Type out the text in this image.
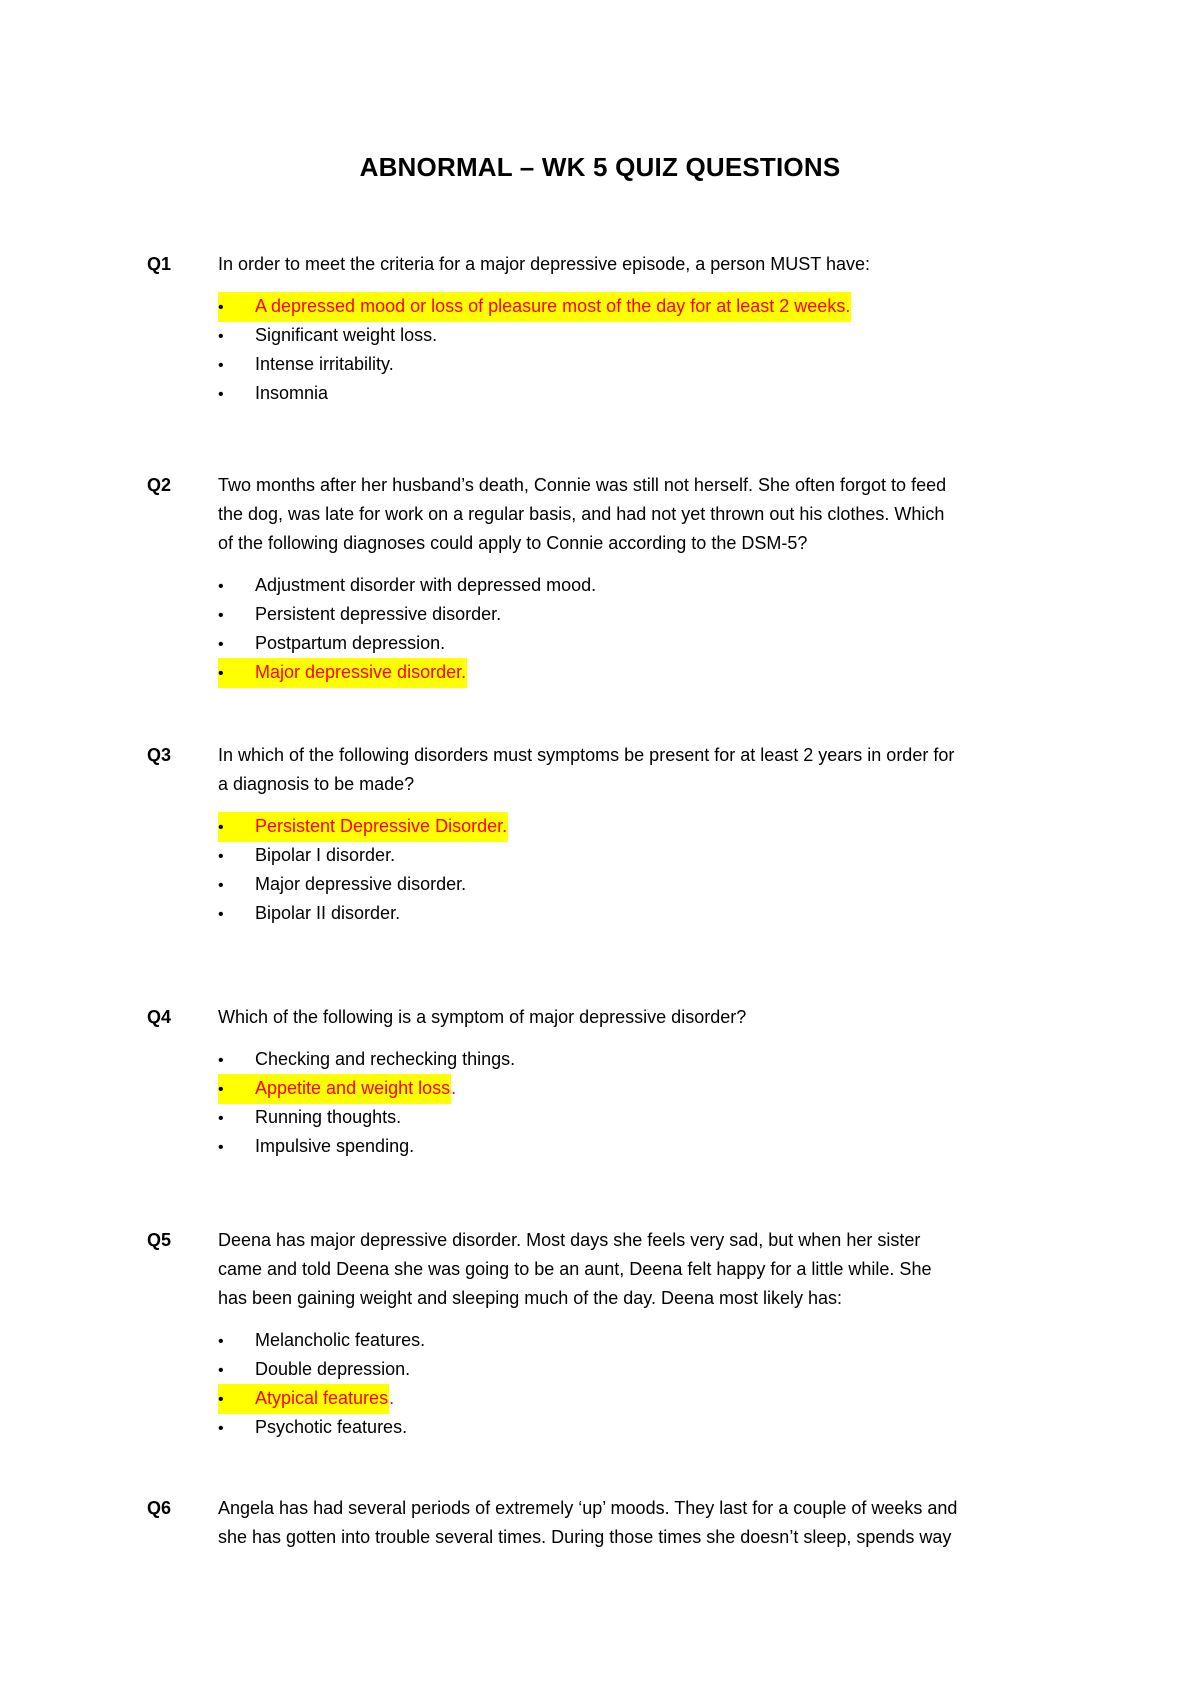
ABNORMAL – WK 5 QUIZ QUESTIONS
Q1	In order to meet the criteria for a major depressive episode, a person MUST have:
• A depressed mood or loss of pleasure most of the day for at least 2 weeks.
• Significant weight loss.
• Intense irritability.
• Insomnia
Q2	Two months after her husband’s death, Connie was still not herself. She often forgot to feed
the dog, was late for work on a regular basis, and had not yet thrown out his clothes. Which
of the following diagnoses could apply to Connie according to the DSM-5?
• Adjustment disorder with depressed mood.
• Persistent depressive disorder.
• Postpartum depression.
• Major depressive disorder.
Q3	In which of the following disorders must symptoms be present for at least 2 years in order for
a diagnosis to be made?
• Persistent Depressive Disorder.
• Bipolar I disorder.
• Major depressive disorder.
• Bipolar II disorder.
Q4	Which of the following is a symptom of major depressive disorder?
• Checking and rechecking things.
• Appetite and weight loss.
• Running thoughts.
• Impulsive spending.
Q5	Deena has major depressive disorder. Most days she feels very sad, but when her sister
came and told Deena she was going to be an aunt, Deena felt happy for a little while. She
has been gaining weight and sleeping much of the day. Deena most likely has:
• Melancholic features.
• Double depression.
• Atypical features.
• Psychotic features.
Q6	Angela has had several periods of extremely ‘up’ moods. They last for a couple of weeks and
she has gotten into trouble several times. During those times she doesn’t sleep, spends way
